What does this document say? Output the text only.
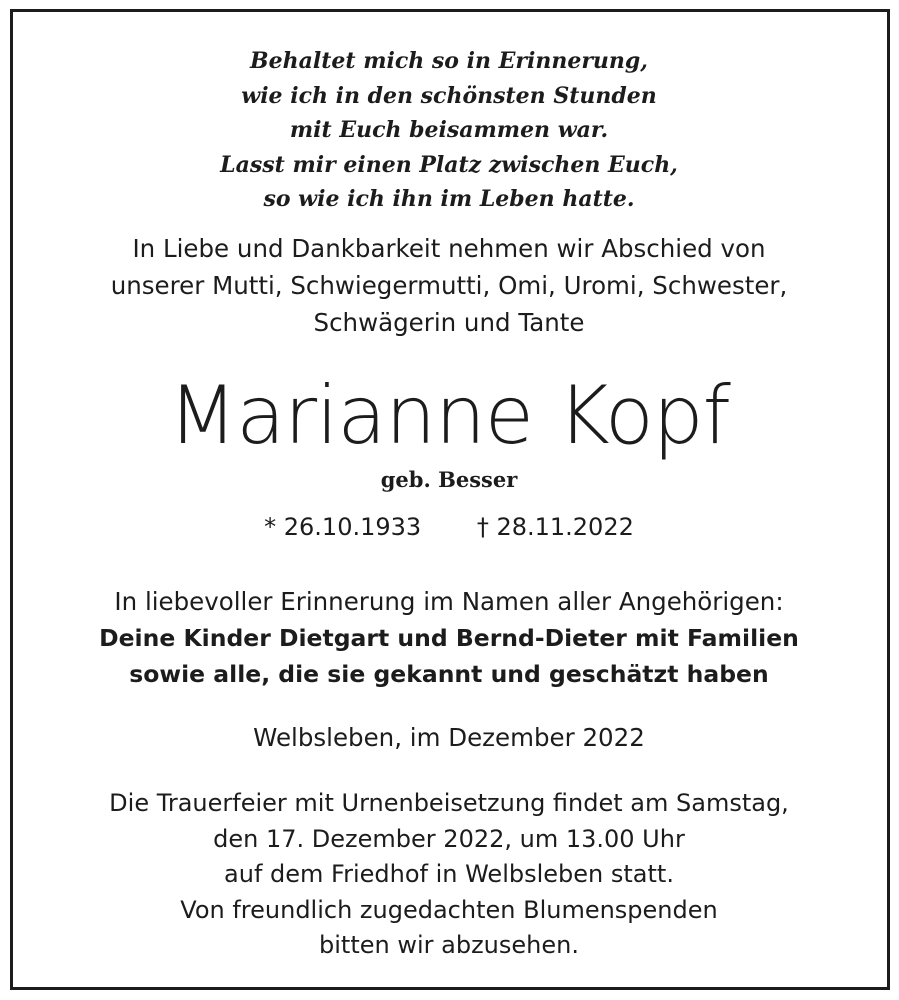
Behaltet mich so in Erinnerung,
wie ich in den schönsten Stunden
mit Euch beisammen war.
Lasst mir einen Platz zwischen Euch,
so wie ich ihn im Leben hatte.
In Liebe und Dankbarkeit nehmen wir Abschied von
unserer Mutti, Schwiegermutti, Omi, Uromi, Schwester,
Schwägerin und Tante
Marianne Kopf
geb. Besser
* 26.10.1933 † 28.11.2022
In liebevoller Erinnerung im Namen aller Angehörigen:
Deine Kinder Dietgart und Bernd-Dieter mit Familien
sowie alle, die sie gekannt und geschätzt haben
Welbsleben, im Dezember 2022
Die Trauerfeier mit Urnenbeisetzung findet am Samstag,
den 17. Dezember 2022, um 13.00 Uhr
auf dem Friedhof in Welbsleben statt.
Von freundlich zugedachten Blumenspenden
bitten wir abzusehen.
